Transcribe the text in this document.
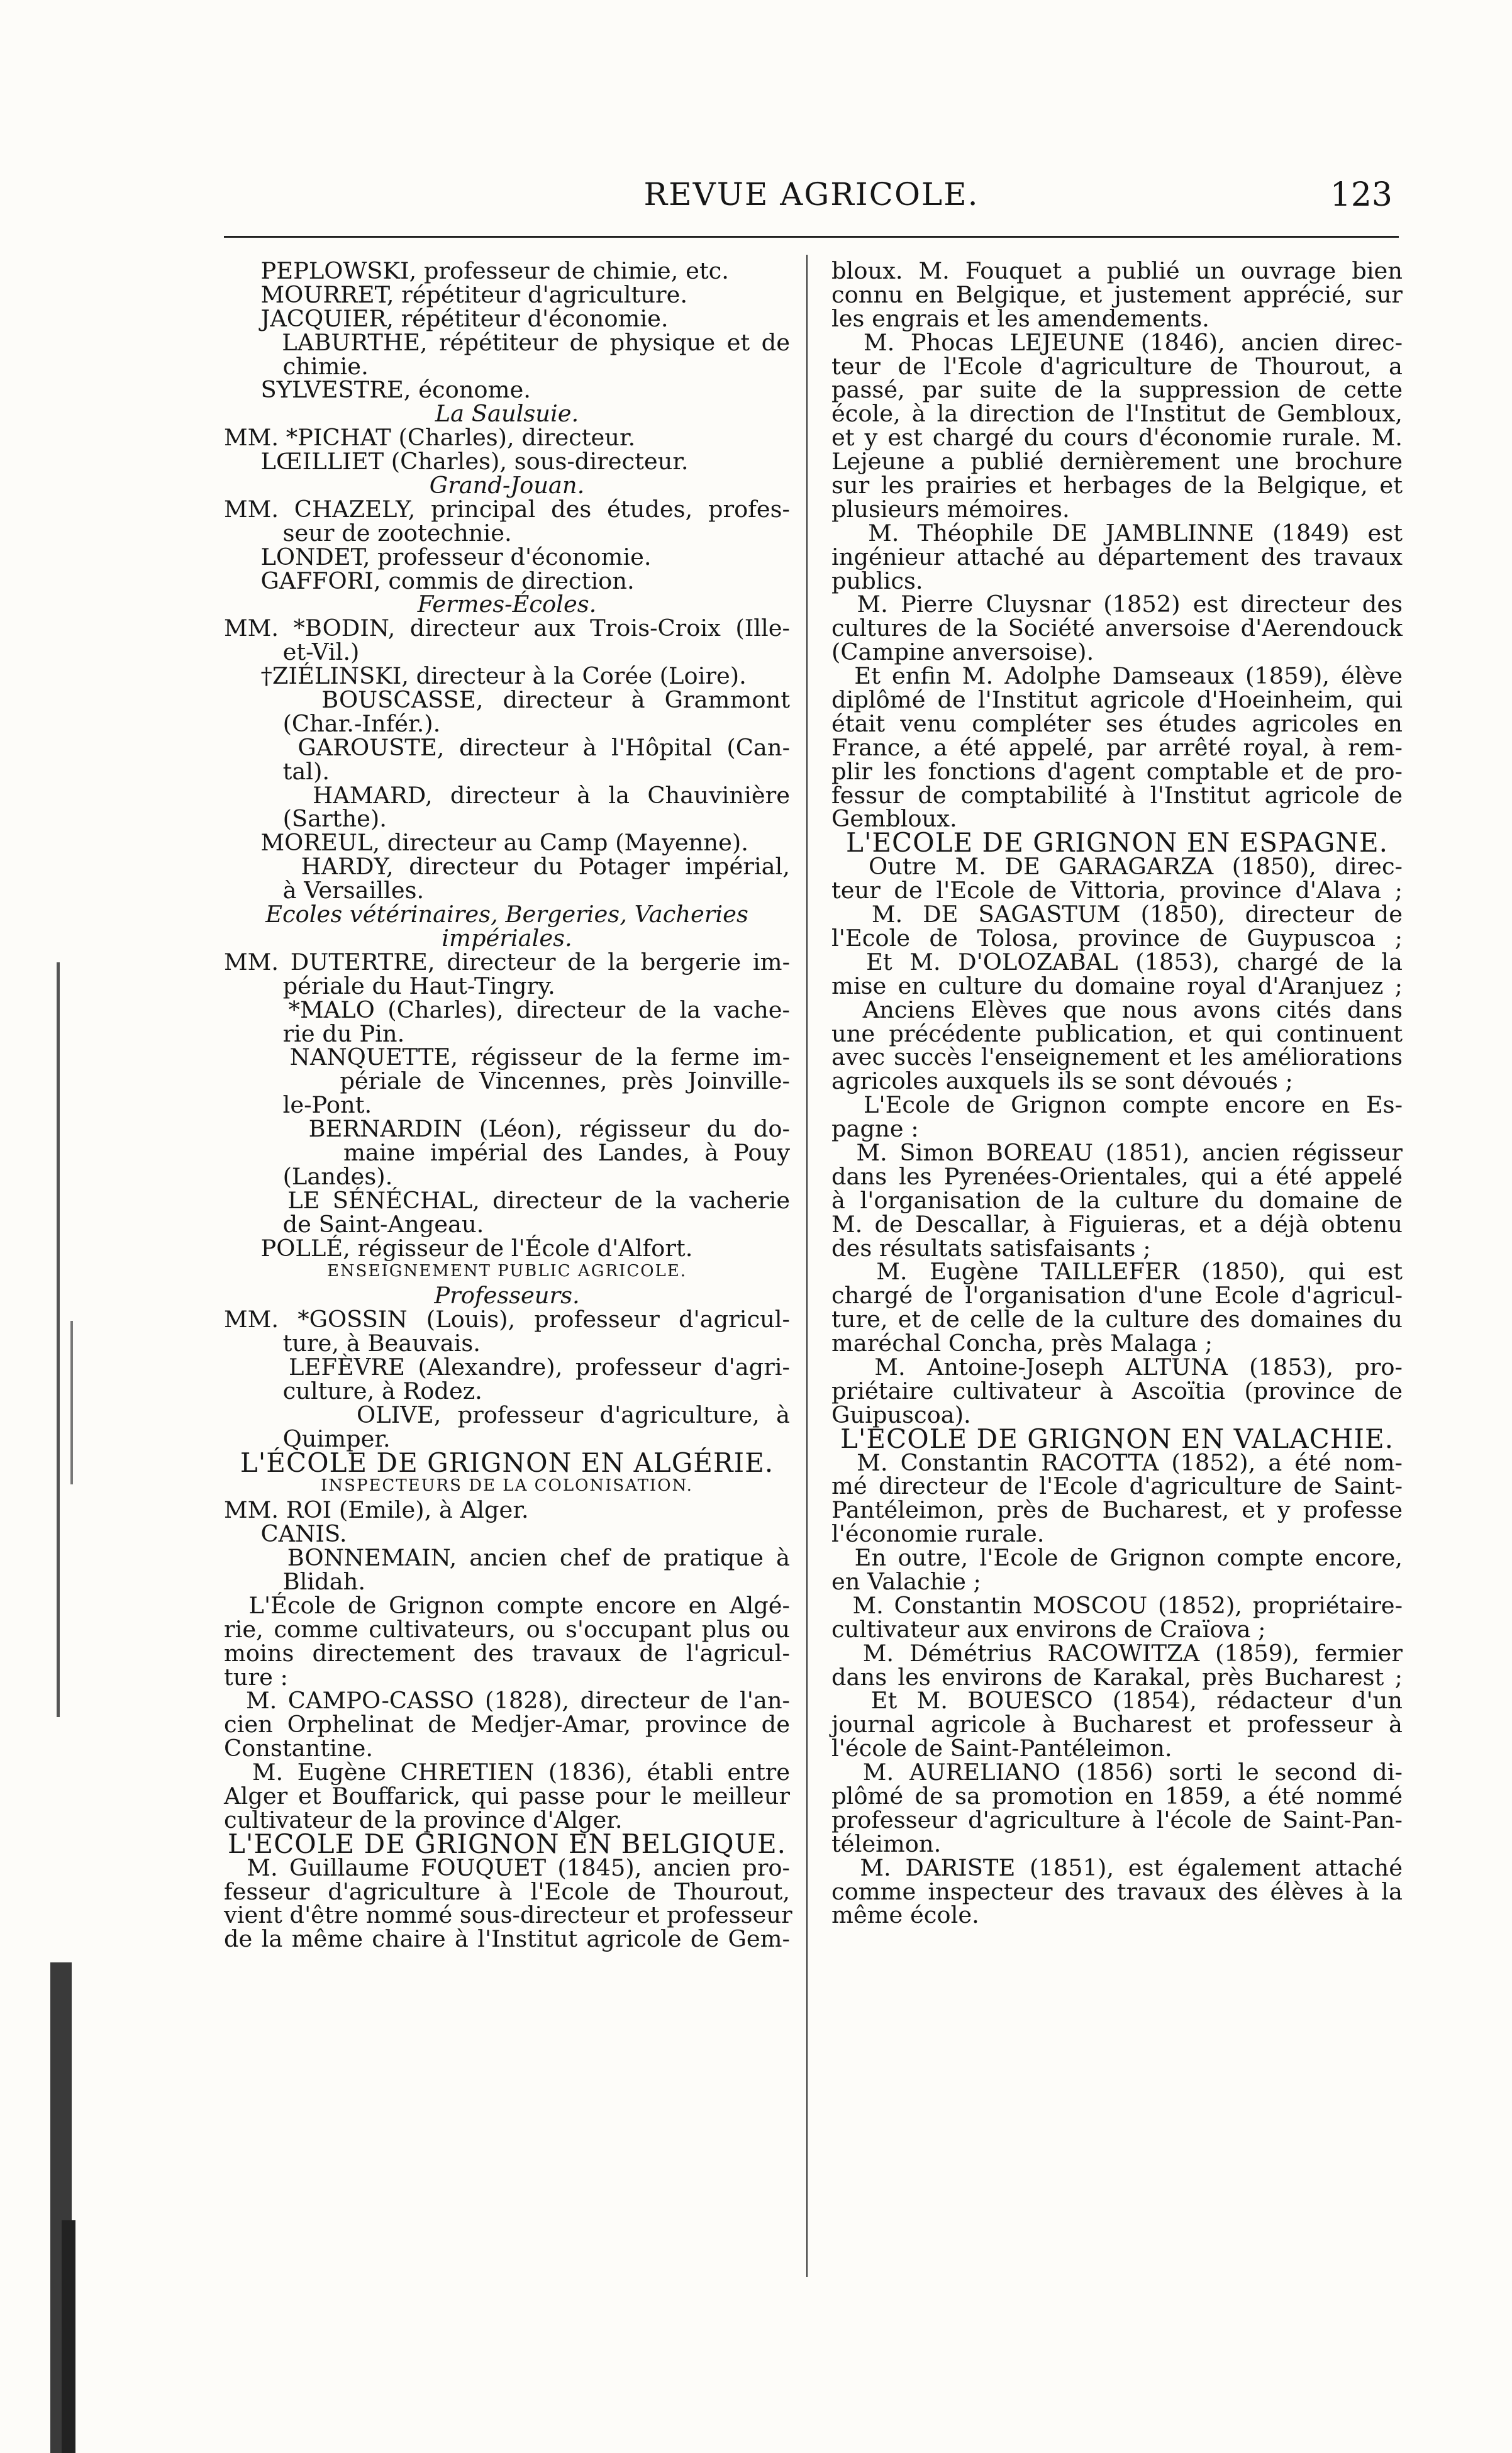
REVUE AGRICOLE.	123
PEPLOWSKI, professeur de chimie, etc.
MOURRET, répétiteur d'agriculture.
JACQUIER, répétiteur d'économie.
LABURTHE, répétiteur de physique et de
chimie.
SYLVESTRE, économe.
La Saulsuie.
MM. *PICHAT (Charles), directeur.
LŒILLIET (Charles), sous-directeur.
Grand-Jouan.
MM. CHAZELY, principal des études, profes-
seur de zootechnie.
LONDET, professeur d'économie.
GAFFORI, commis de direction.
Fermes-Écoles.
MM. *BODIN, directeur aux Trois-Croix (Ille-
et-Vil.)
†ZIÉLINSKI, directeur à la Corée (Loire).
BOUSCASSE, directeur à Grammont
(Char.-Infér.).
GAROUSTE, directeur à l'Hôpital (Can-
tal).
HAMARD, directeur à la Chauvinière
(Sarthe).
MOREUL, directeur au Camp (Mayenne).
HARDY, directeur du Potager impérial,
à Versailles.
Ecoles vétérinaires, Bergeries, Vacheries
impériales.
MM. DUTERTRE, directeur de la bergerie im-
périale du Haut-Tingry.
*MALO (Charles), directeur de la vache-
rie du Pin.
NANQUETTE, régisseur de la ferme im-
périale de Vincennes, près Joinville-
le-Pont.
BERNARDIN (Léon), régisseur du do-
maine impérial des Landes, à Pouy
(Landes).
LE SÉNÉCHAL, directeur de la vacherie
de Saint-Angeau.
POLLÉ, régisseur de l'École d'Alfort.
ENSEIGNEMENT PUBLIC AGRICOLE.
Professeurs.
MM. *GOSSIN (Louis), professeur d'agricul-
ture, à Beauvais.
LEFÈVRE (Alexandre), professeur d'agri-
culture, à Rodez.
OLIVE, professeur d'agriculture, à
Quimper.
L'ÉCOLE DE GRIGNON EN ALGÉRIE.
INSPECTEURS DE LA COLONISATION.
MM. ROI (Emile), à Alger.
CANIS.
BONNEMAIN, ancien chef de pratique à
Blidah.
L'École de Grignon compte encore en Algé-
rie, comme cultivateurs, ou s'occupant plus ou
moins directement des travaux de l'agricul-
ture :
M. CAMPO-CASSO (1828), directeur de l'an-
cien Orphelinat de Medjer-Amar, province de
Constantine.
M. Eugène CHRETIEN (1836), établi entre
Alger et Bouffarick, qui passe pour le meilleur
cultivateur de la province d'Alger.
L'ECOLE DE GRIGNON EN BELGIQUE.
M. Guillaume FOUQUET (1845), ancien pro-
fesseur d'agriculture à l'Ecole de Thourout,
vient d'être nommé sous-directeur et professeur
de la même chaire à l'Institut agricole de Gem-
bloux. M. Fouquet a publié un ouvrage bien
connu en Belgique, et justement apprécié, sur
les engrais et les amendements.
M. Phocas LEJEUNE (1846), ancien direc-
teur de l'Ecole d'agriculture de Thourout, a
passé, par suite de la suppression de cette
école, à la direction de l'Institut de Gembloux,
et y est chargé du cours d'économie rurale. M.
Lejeune a publié dernièrement une brochure
sur les prairies et herbages de la Belgique, et
plusieurs mémoires.
M. Théophile DE JAMBLINNE (1849) est
ingénieur attaché au département des travaux
publics.
M. Pierre Cluysnar (1852) est directeur des
cultures de la Société anversoise d'Aerendouck
(Campine anversoise).
Et enfin M. Adolphe Damseaux (1859), élève
diplômé de l'Institut agricole d'Hoeinheim, qui
était venu compléter ses études agricoles en
France, a été appelé, par arrêté royal, à rem-
plir les fonctions d'agent comptable et de pro-
fessur de comptabilité à l'Institut agricole de
Gembloux.
L'ECOLE DE GRIGNON EN ESPAGNE.
Outre M. DE GARAGARZA (1850), direc-
teur de l'Ecole de Vittoria, province d'Alava ;
M. DE SAGASTUM (1850), directeur de
l'Ecole de Tolosa, province de Guypuscoa ;
Et M. D'OLOZABAL (1853), chargé de la
mise en culture du domaine royal d'Aranjuez ;
Anciens Elèves que nous avons cités dans
une précédente publication, et qui continuent
avec succès l'enseignement et les améliorations
agricoles auxquels ils se sont dévoués ;
L'Ecole de Grignon compte encore en Es-
pagne :
M. Simon BOREAU (1851), ancien régisseur
dans les Pyrenées-Orientales, qui a été appelé
à l'organisation de la culture du domaine de
M. de Descallar, à Figuieras, et a déjà obtenu
des résultats satisfaisants ;
M. Eugène TAILLEFER (1850), qui est
chargé de l'organisation d'une Ecole d'agricul-
ture, et de celle de la culture des domaines du
maréchal Concha, près Malaga ;
M. Antoine-Joseph ALTUNA (1853), pro-
priétaire cultivateur à Ascoïtia (province de
Guipuscoa).
L'ECOLE DE GRIGNON EN VALACHIE.
M. Constantin RACOTTA (1852), a été nom-
mé directeur de l'Ecole d'agriculture de Saint-
Pantéleimon, près de Bucharest, et y professe
l'économie rurale.
En outre, l'Ecole de Grignon compte encore,
en Valachie ;
M. Constantin MOSCOU (1852), propriétaire-
cultivateur aux environs de Craïova ;
M. Démétrius RACOWITZA (1859), fermier
dans les environs de Karakal, près Bucharest ;
Et M. BOUESCO (1854), rédacteur d'un
journal agricole à Bucharest et professeur à
l'école de Saint-Pantéleimon.
M. AURELIANO (1856) sorti le second di-
plômé de sa promotion en 1859, a été nommé
professeur d'agriculture à l'école de Saint-Pan-
téleimon.
M. DARISTE (1851), est également attaché
comme inspecteur des travaux des élèves à la
même école.
